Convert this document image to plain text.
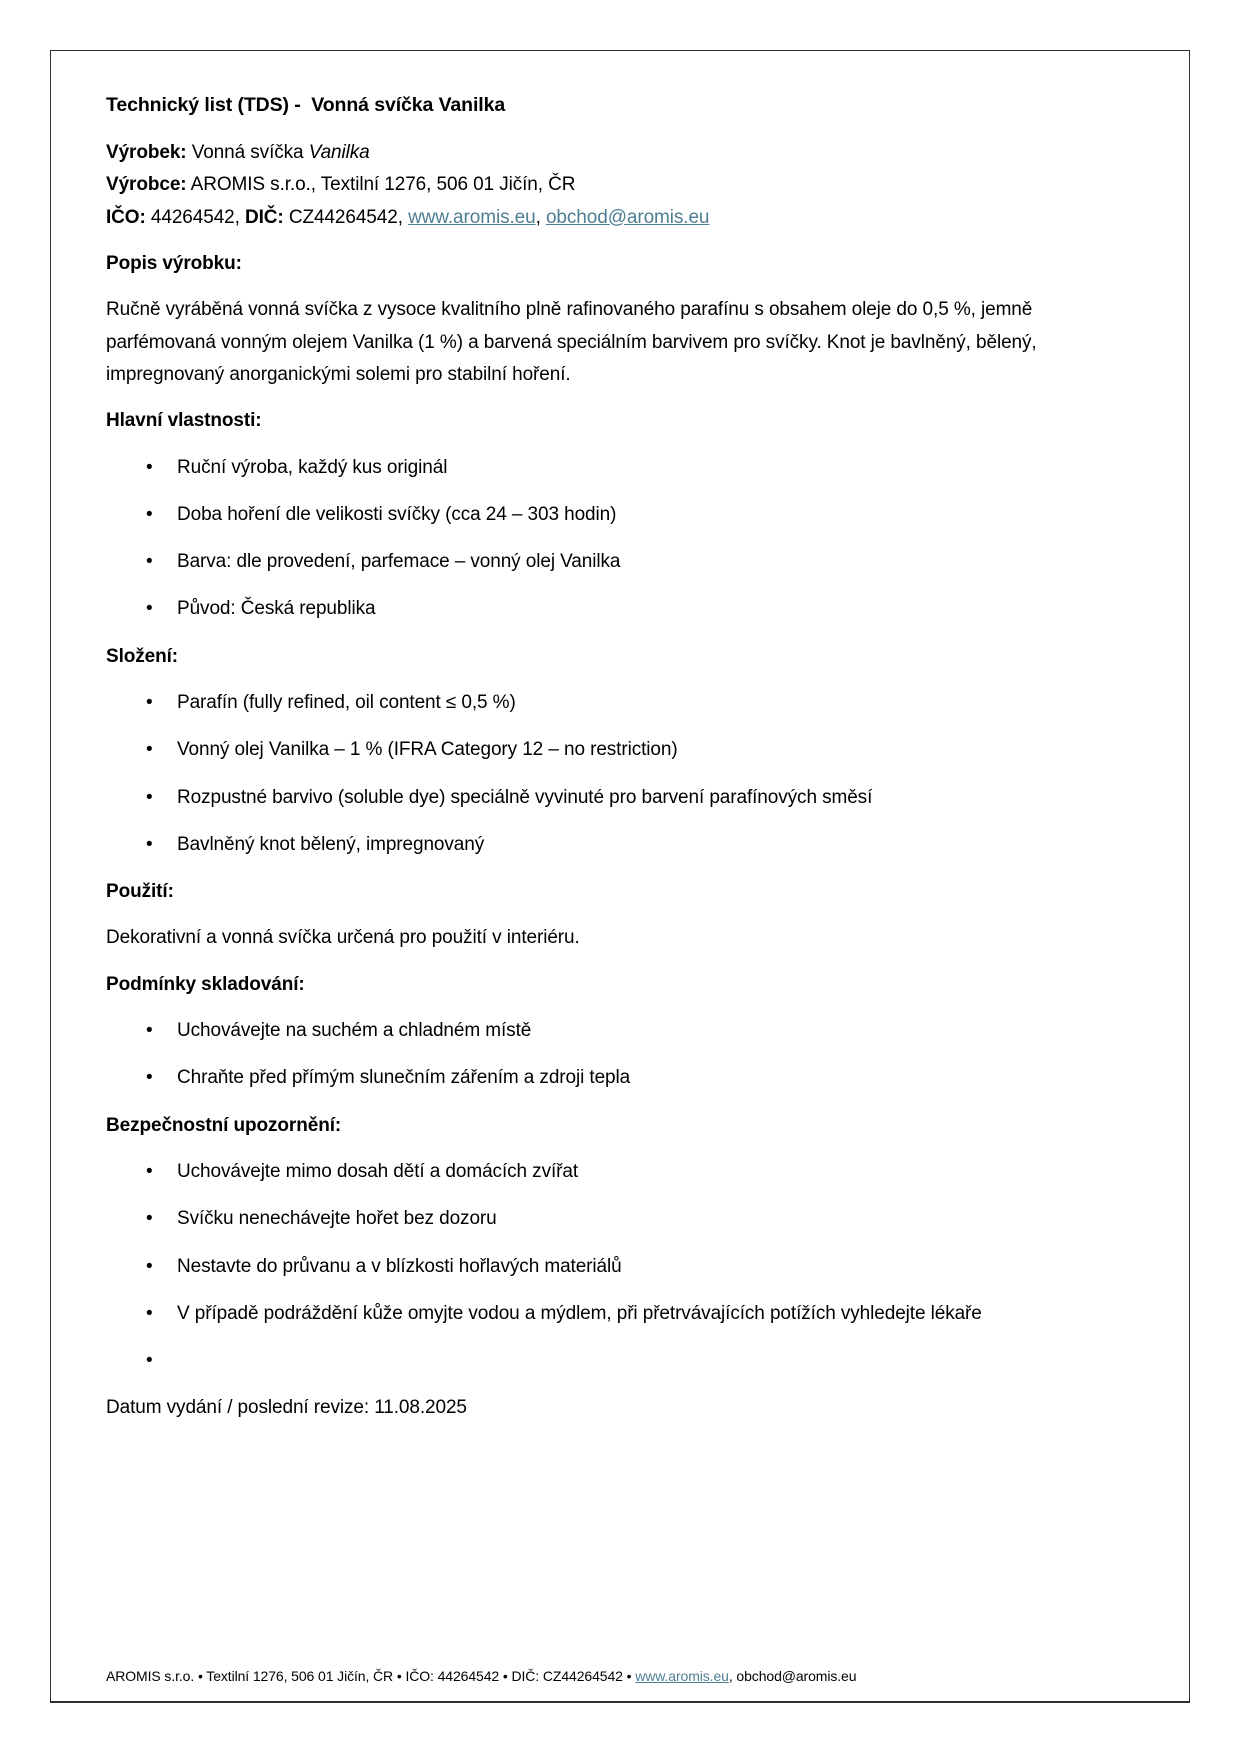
Technický list (TDS) -  Vonná svíčka Vanilka

Výrobek: Vonná svíčka Vanilka

Výrobce: AROMIS s.r.o., Textilní 1276, 506 01 Jičín, ČR

IČO: 44264542, DIČ: CZ44264542, www.aromis.eu, obchod@aromis.eu

Popis výrobku:

Ručně vyráběná vonná svíčka z vysoce kvalitního plně rafinovaného parafínu s obsahem oleje do 0,5 %, jemně parfémovaná vonným olejem Vanilka (1 %) a barvená speciálním barvivem pro svíčky. Knot je bavlněný, bělený, impregnovaný anorganickými solemi pro stabilní hoření.

Hlavní vlastnosti:

• Ruční výroba, každý kus originál
• Doba hoření dle velikosti svíčky (cca 24 – 303 hodin)
• Barva: dle provedení, parfemace – vonný olej Vanilka
• Původ: Česká republika

Složení:

• Parafín (fully refined, oil content ≤ 0,5 %)
• Vonný olej Vanilka – 1 % (IFRA Category 12 – no restriction)
• Rozpustné barvivo (soluble dye) speciálně vyvinuté pro barvení parafínových směsí
• Bavlněný knot bělený, impregnovaný

Použití:

Dekorativní a vonná svíčka určená pro použití v interiéru.

Podmínky skladování:

• Uchovávejte na suchém a chladném místě
• Chraňte před přímým slunečním zářením a zdroji tepla

Bezpečnostní upozornění:

• Uchovávejte mimo dosah dětí a domácích zvířat
• Svíčku nenechávejte hořet bez dozoru
• Nestavte do průvanu a v blízkosti hořlavých materiálů
• V případě podráždění kůže omyjte vodou a mýdlem, při přetrvávajících potížích vyhledejte lékaře
•

Datum vydání / poslední revize: 11.08.2025

AROMIS s.r.o. • Textilní 1276, 506 01 Jičín, ČR • IČO: 44264542 • DIČ: CZ44264542 • www.aromis.eu, obchod@aromis.eu
